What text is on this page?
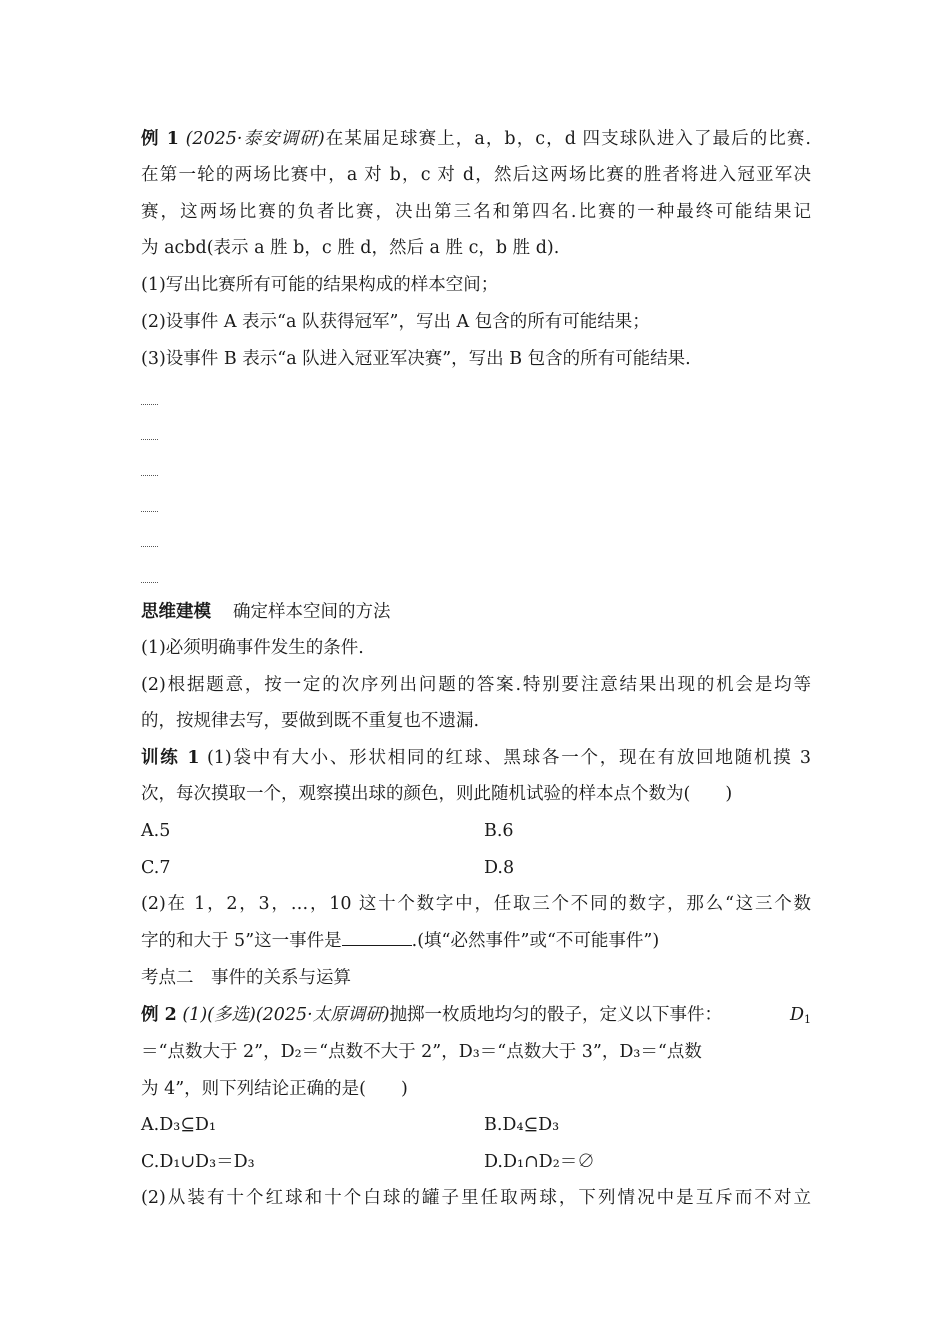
例 1 (2025·泰安调研)在某届足球赛上，a，b，c，d 四支球队进入了最后的比赛.
在第一轮的两场比赛中，a 对 b，c 对 d，然后这两场比赛的胜者将进入冠亚军决
赛，这两场比赛的负者比赛，决出第三名和第四名.比赛的一种最终可能结果记
为 acbd(表示 a 胜 b，c 胜 d，然后 a 胜 c，b 胜 d).
(1)写出比赛所有可能的结果构成的样本空间；
(2)设事件 A 表示“a 队获得冠军”，写出 A 包含的所有可能结果；
(3)设事件 B 表示“a 队进入冠亚军决赛”，写出 B 包含的所有可能结果.
思维建模 确定样本空间的方法
(1)必须明确事件发生的条件.
(2)根据题意，按一定的次序列出问题的答案.特别要注意结果出现的机会是均等
的，按规律去写，要做到既不重复也不遗漏.
训练 1 (1)袋中有大小、形状相同的红球、黑球各一个，现在有放回地随机摸 3
次，每次摸取一个，观察摸出球的颜色，则此随机试验的样本点个数为(　　)
A.5	B.6
C.7	D.8
(2)在 1，2，3，…，10 这十个数字中，任取三个不同的数字，那么“这三个数
字的和大于 5”这一事件是	.(填“必然事件”或“不可能事件”)
考点二　事件的关系与运算
例 2 (1)(多选)(2025·太原调研)抛掷一枚质地均匀的骰子，定义以下事件：	$D_1$
＝“点数大于 2”，D₂＝“点数不大于 2”，D₃＝“点数大于 3”，D₃＝“点数
为 4”，则下列结论正确的是(　　)
A.D₃⊆D₁	B.D₄⊆D₃
C.D₁∪D₃＝D₃	D.D₁∩D₂＝∅
(2)从装有十个红球和十个白球的罐子里任取两球，下列情况中是互斥而不对立
